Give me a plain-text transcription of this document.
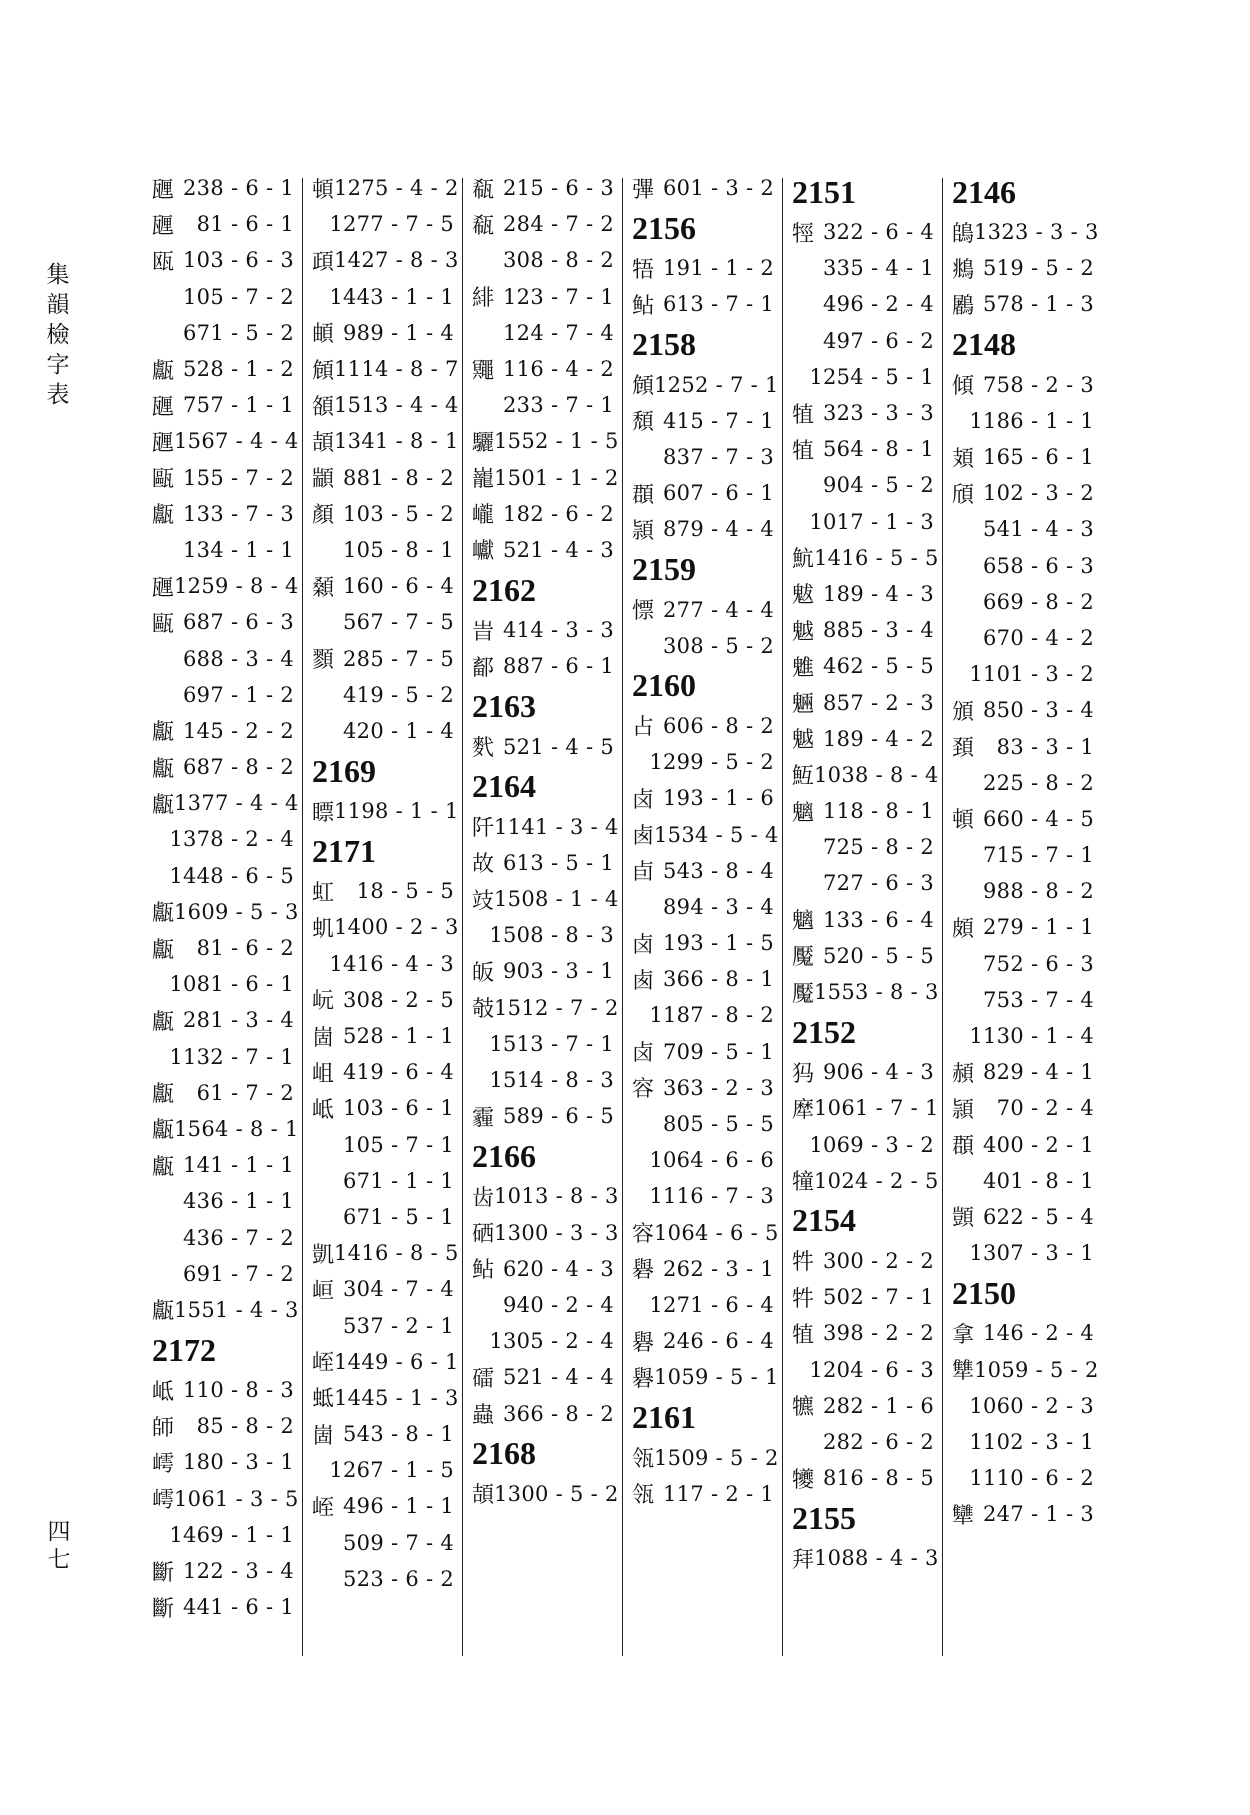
集
韻
檢
字
表
四
七
甅 238 - 6 - 1
甅	81 - 6 - 1
瓯 103 - 6 - 3
105 - 7 - 2
671 - 5 - 2
甗 528 - 1 - 2
甅 757 - 1 - 1
甅 1567 - 4 - 4
甌 155 - 7 - 2
甗 133 - 7 - 3
134 - 1 - 1
甅 1259 - 8 - 4
甌 687 - 6 - 3
688 - 3 - 4
697 - 1 - 2
甗 145 - 2 - 2
甗 687 - 8 - 2
甗 1377 - 4 - 4
1378 - 2 - 4
1448 - 6 - 5
甗 1609 - 5 - 3
甗	81 - 6 - 2
1081 - 6 - 1
甗 281 - 3 - 4
1132 - 7 - 1
甗	61 - 7 - 2
甗 1564 - 8 - 1
甗 141 - 1 - 1
436 - 1 - 1
436 - 7 - 2
691 - 7 - 2
甗 1551 - 4 - 3
2172
岻 110 - 8 - 3
師	85 - 8 - 2
嶀 180 - 3 - 1
嶀 1061 - 3 - 5
1469 - 1 - 1
斷 122 - 3 - 4
斷 441 - 6 - 1
頓 1275 - 4 - 2
1277 - 7 - 5
頙 1427 - 8 - 3
1443 - 1 - 1
頔 989 - 1 - 4
頠 1114 - 8 - 7
頟 1513 - 4 - 4
頡 1341 - 8 - 1
顓 881 - 8 - 2
顏 103 - 5 - 2
105 - 8 - 1
顙 160 - 6 - 4
567 - 7 - 5
顟 285 - 7 - 5
419 - 5 - 2
420 - 1 - 4
2169
瞟 1198 - 1 - 1
2171
虹	18 - 5 - 5
虮 1400 - 2 - 3
1416 - 4 - 3
岏 308 - 2 - 5
崮 528 - 1 - 1
岨 419 - 6 - 4
岻 103 - 6 - 1
105 - 7 - 1
671 - 1 - 1
671 - 5 - 1
凱 1416 - 8 - 5
峘 304 - 7 - 4
537 - 2 - 1
峌 1449 - 6 - 1
蚳 1445 - 1 - 3
崮 543 - 8 - 1
1267 - 1 - 5
峌 496 - 1 - 1
509 - 7 - 4
523 - 6 - 2
瓻 215 - 6 - 3
瓻 284 - 7 - 2
308 - 8 - 2
緋 123 - 7 - 1
124 - 7 - 4
鼆 116 - 4 - 2
233 - 7 - 1
驪 1552 - 1 - 5
巃 1501 - 1 - 2
巄 182 - 6 - 2
巘 521 - 4 - 3
2162
旹 414 - 3 - 3
鄐 887 - 6 - 1
2163
䴬 521 - 4 - 5
2164
阡 1141 - 3 - 4
故 613 - 5 - 1
攱 1508 - 1 - 4
1508 - 8 - 3
皈 903 - 3 - 1
攲 1512 - 7 - 2
1513 - 7 - 1
1514 - 8 - 3
霾 589 - 6 - 5
2166
齿 1013 - 8 - 3
硒 1300 - 3 - 3
鲇 620 - 4 - 3
940 - 2 - 4
1305 - 2 - 4
礌 521 - 4 - 4
蟲 366 - 8 - 2
2168
頡 1300 - 5 - 2
彃 601 - 3 - 2
2156
牾 191 - 1 - 2
鲇 613 - 7 - 1
2158
頠 1252 - 7 - 1
頹 415 - 7 - 1
837 - 7 - 3
頵 607 - 6 - 1
頴 879 - 4 - 4
2159
慓 277 - 4 - 4
308 - 5 - 2
2160
占 606 - 8 - 2
1299 - 5 - 2
卤 193 - 1 - 6
卥 1534 - 5 - 4
卣 543 - 8 - 4
894 - 3 - 4
卤 193 - 1 - 5
卥 366 - 8 - 1
1187 - 8 - 2
卤 709 - 5 - 1
容 363 - 2 - 3
805 - 5 - 5
1064 - 6 - 6
1116 - 7 - 3
容 1064 - 6 - 5
礜 262 - 3 - 1
1271 - 6 - 4
礜 246 - 6 - 4
礜 1059 - 5 - 1
2161
瓴 1509 - 5 - 2
瓴 117 - 2 - 1
2151
牼 322 - 6 - 4
335 - 4 - 1
496 - 2 - 4
497 - 6 - 2
1254 - 5 - 1
犆 323 - 3 - 3
犆 564 - 8 - 1
904 - 5 - 2
1017 - 1 - 3
魧 1416 - 5 - 5
魃 189 - 4 - 3
魆 885 - 3 - 4
魋 462 - 5 - 5
魎 857 - 2 - 3
魆 189 - 4 - 2
魱 1038 - 8 - 4
魑 118 - 8 - 1
725 - 8 - 2
727 - 6 - 3
魑 133 - 6 - 4
魘 520 - 5 - 5
魘 1553 - 8 - 3
2152
犸 906 - 4 - 3
犘 1061 - 7 - 1
1069 - 3 - 2
犝 1024 - 2 - 5
2154
牪 300 - 2 - 2
牪 502 - 7 - 1
犆 398 - 2 - 2
1204 - 6 - 3
犥 282 - 1 - 6
282 - 6 - 2
犪 816 - 8 - 5
2155
拜 1088 - 4 - 3
2146
鴭 1323 - 3 - 3
鴵 519 - 5 - 2
鷵 578 - 1 - 3
2148
傾 758 - 2 - 3
1186 - 1 - 1
頍 165 - 6 - 1
頎 102 - 3 - 2
541 - 4 - 3
658 - 6 - 3
669 - 8 - 2
670 - 4 - 2
1101 - 3 - 2
頒 850 - 3 - 4
頚	83 - 3 - 1
225 - 8 - 2
頓 660 - 4 - 5
715 - 7 - 1
988 - 8 - 2
頗 279 - 1 - 1
752 - 6 - 3
753 - 7 - 4
1130 - 1 - 4
頳 829 - 4 - 1
頴	70 - 2 - 4
頵 400 - 2 - 1
401 - 8 - 1
顗 622 - 5 - 4
1307 - 3 - 1
2150
拿 146 - 2 - 4
犨 1059 - 5 - 2
1060 - 2 - 3
1102 - 3 - 1
1110 - 6 - 2
犫 247 - 1 - 3
